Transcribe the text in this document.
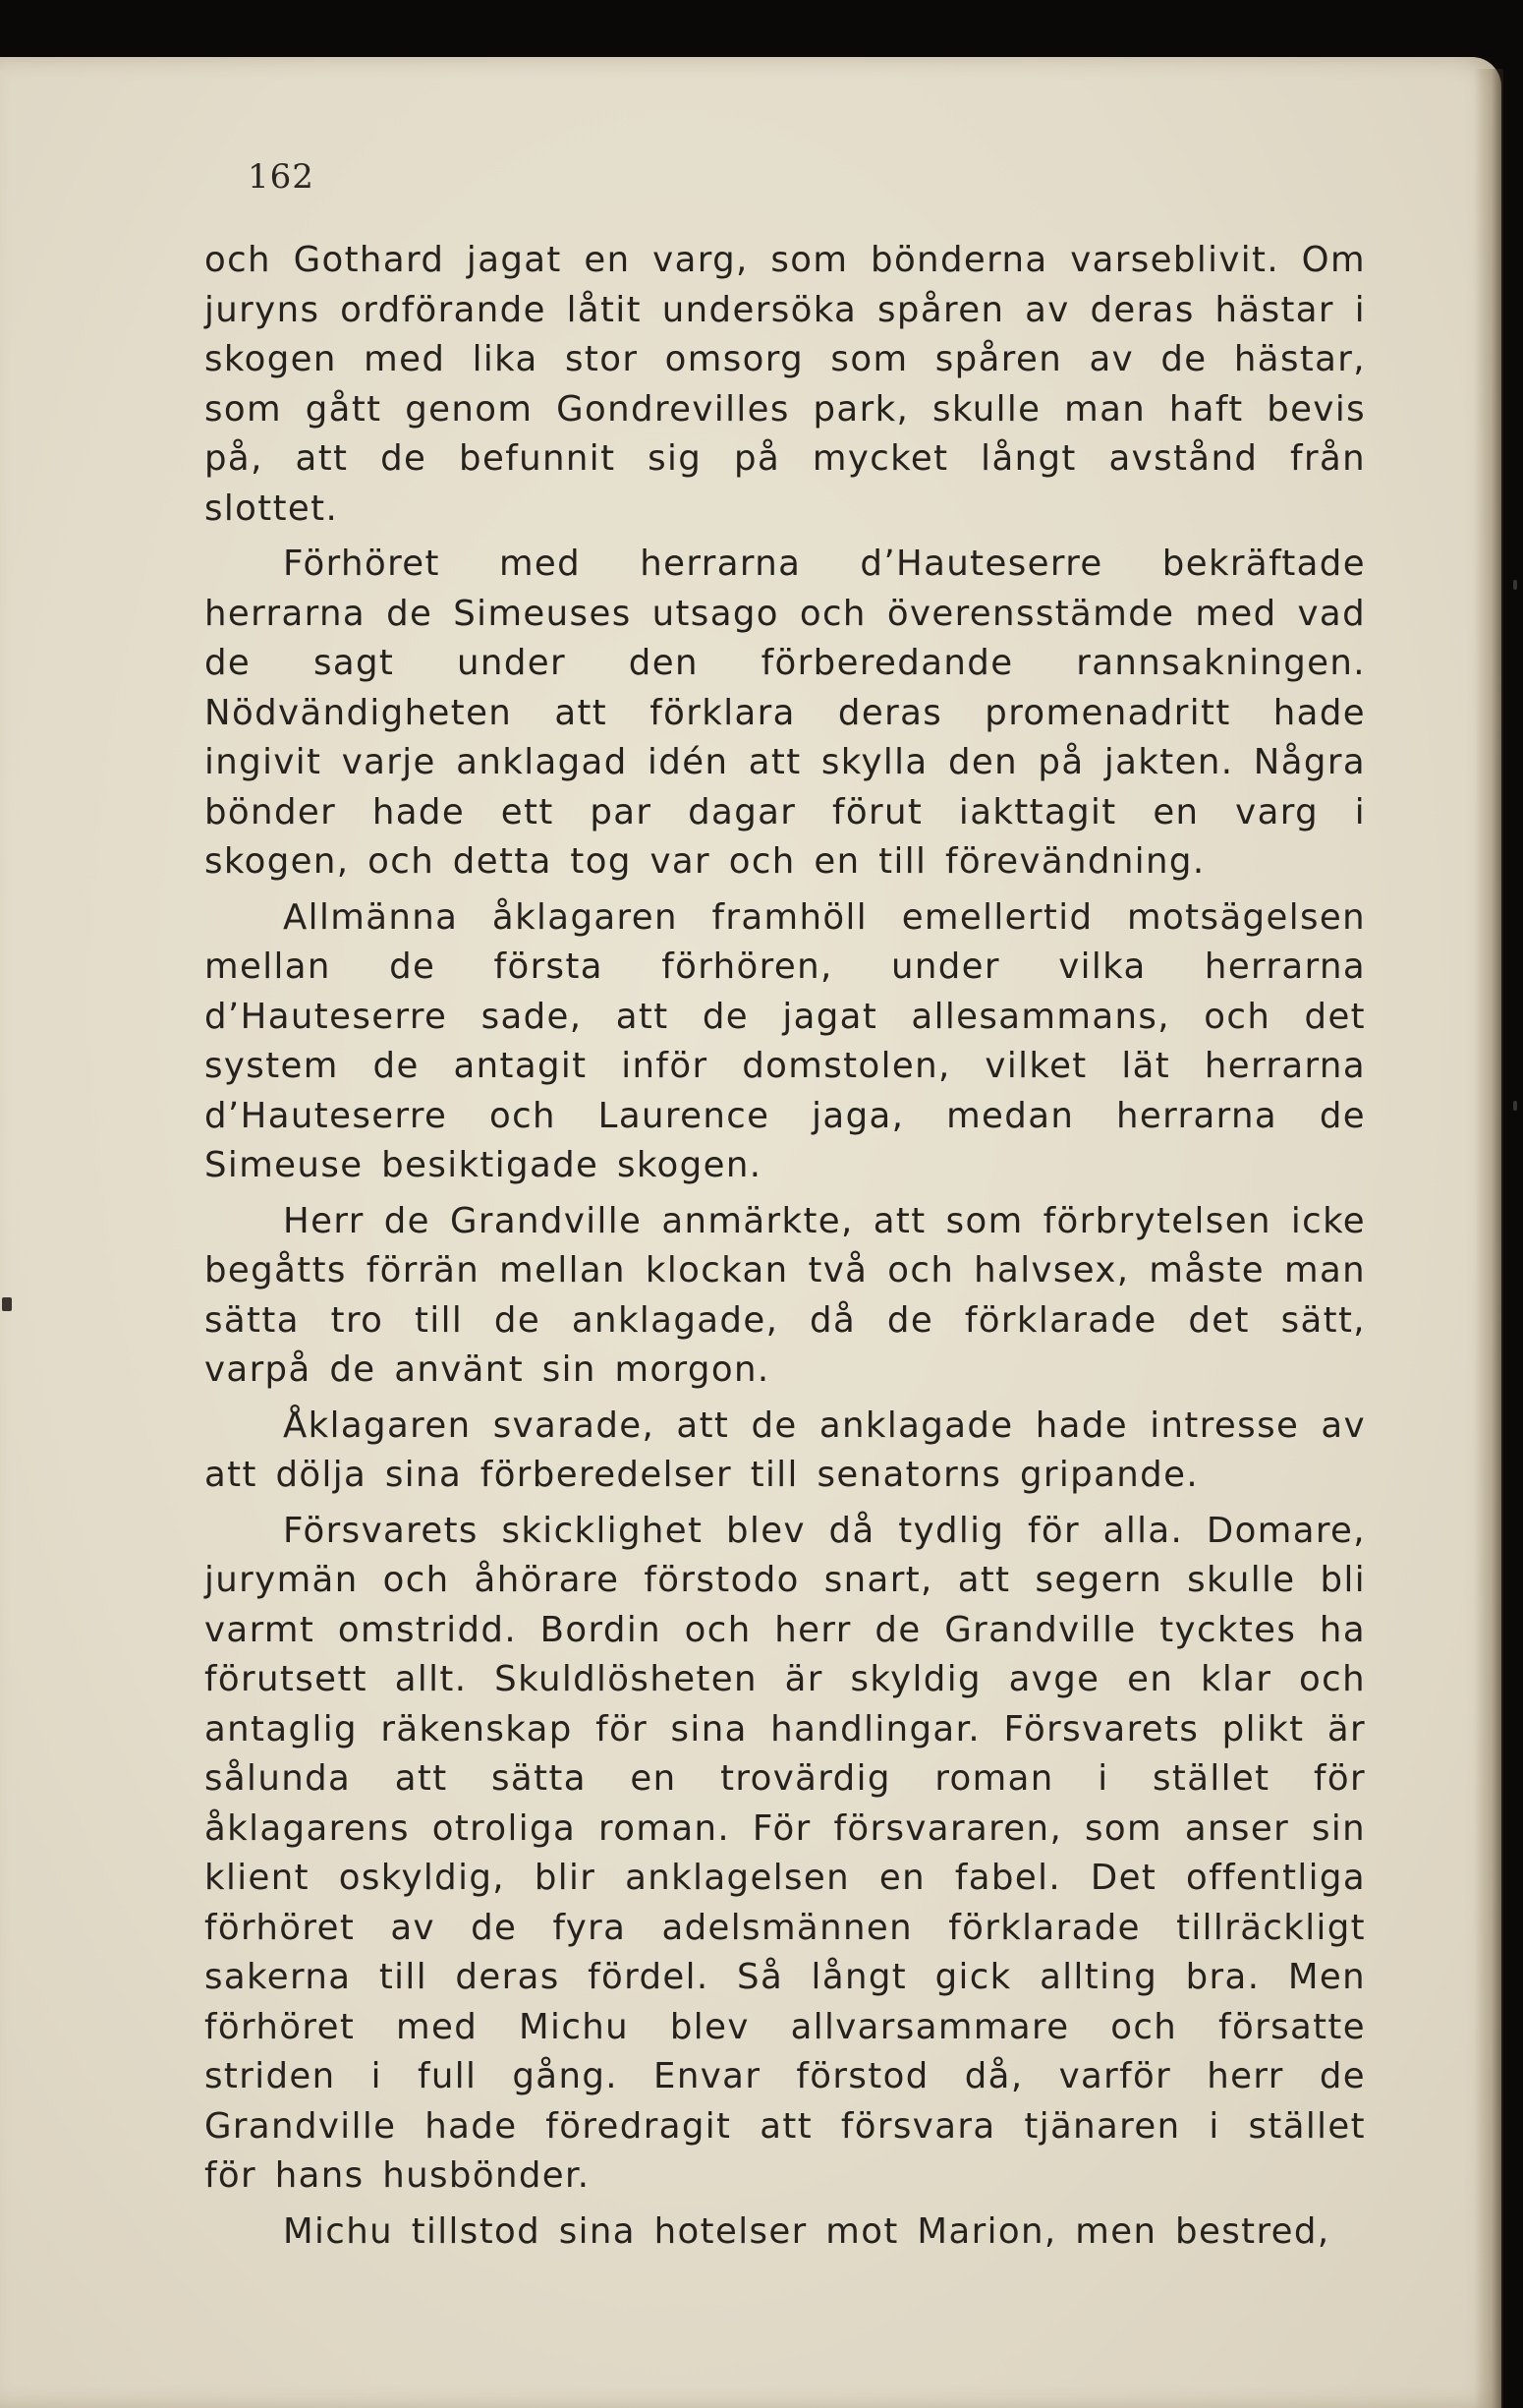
162

och Gothard jagat en varg, som bönderna varseblivit. Om juryns ordförande låtit undersöka spåren av deras hästar i skogen med lika stor omsorg som spåren av de hästar, som gått genom Gondrevilles park, skulle man haft bevis på, att de befunnit sig på mycket långt avstånd från slottet.

Förhöret med herrarna d’Hauteserre bekräftade herrarna de Simeuses utsago och överensstämde med vad de sagt under den förberedande rannsakningen. Nödvändigheten att förklara deras promenadritt hade ingivit varje anklagad idén att skylla den på jakten. Några bönder hade ett par dagar förut iakttagit en varg i skogen, och detta tog var och en till förevändning.

Allmänna åklagaren framhöll emellertid motsägelsen mellan de första förhören, under vilka herrarna d’Hauteserre sade, att de jagat allesammans, och det system de antagit inför domstolen, vilket lät herrarna d’Hauteserre och Laurence jaga, medan herrarna de Simeuse besiktigade skogen.

Herr de Grandville anmärkte, att som förbrytelsen icke begåtts förrän mellan klockan två och halvsex, måste man sätta tro till de anklagade, då de förklarade det sätt, varpå de använt sin morgon.

Åklagaren svarade, att de anklagade hade intresse av att dölja sina förberedelser till senatorns gripande.

Försvarets skicklighet blev då tydlig för alla. Domare, jurymän och åhörare förstodo snart, att segern skulle bli varmt omstridd. Bordin och herr de Grandville tycktes ha förutsett allt. Skuldlösheten är skyldig avge en klar och antaglig räkenskap för sina handlingar. Försvarets plikt är sålunda att sätta en trovärdig roman i stället för åklagarens otroliga roman. För försvararen, som anser sin klient oskyldig, blir anklagelsen en fabel. Det offentliga förhöret av de fyra adelsmännen förklarade tillräckligt sakerna till deras fördel. Så långt gick allting bra. Men förhöret med Michu blev allvarsammare och försatte striden i full gång. Envar förstod då, varför herr de Grandville hade föredragit att försvara tjänaren i stället för hans husbönder.

Michu tillstod sina hotelser mot Marion, men bestred,
